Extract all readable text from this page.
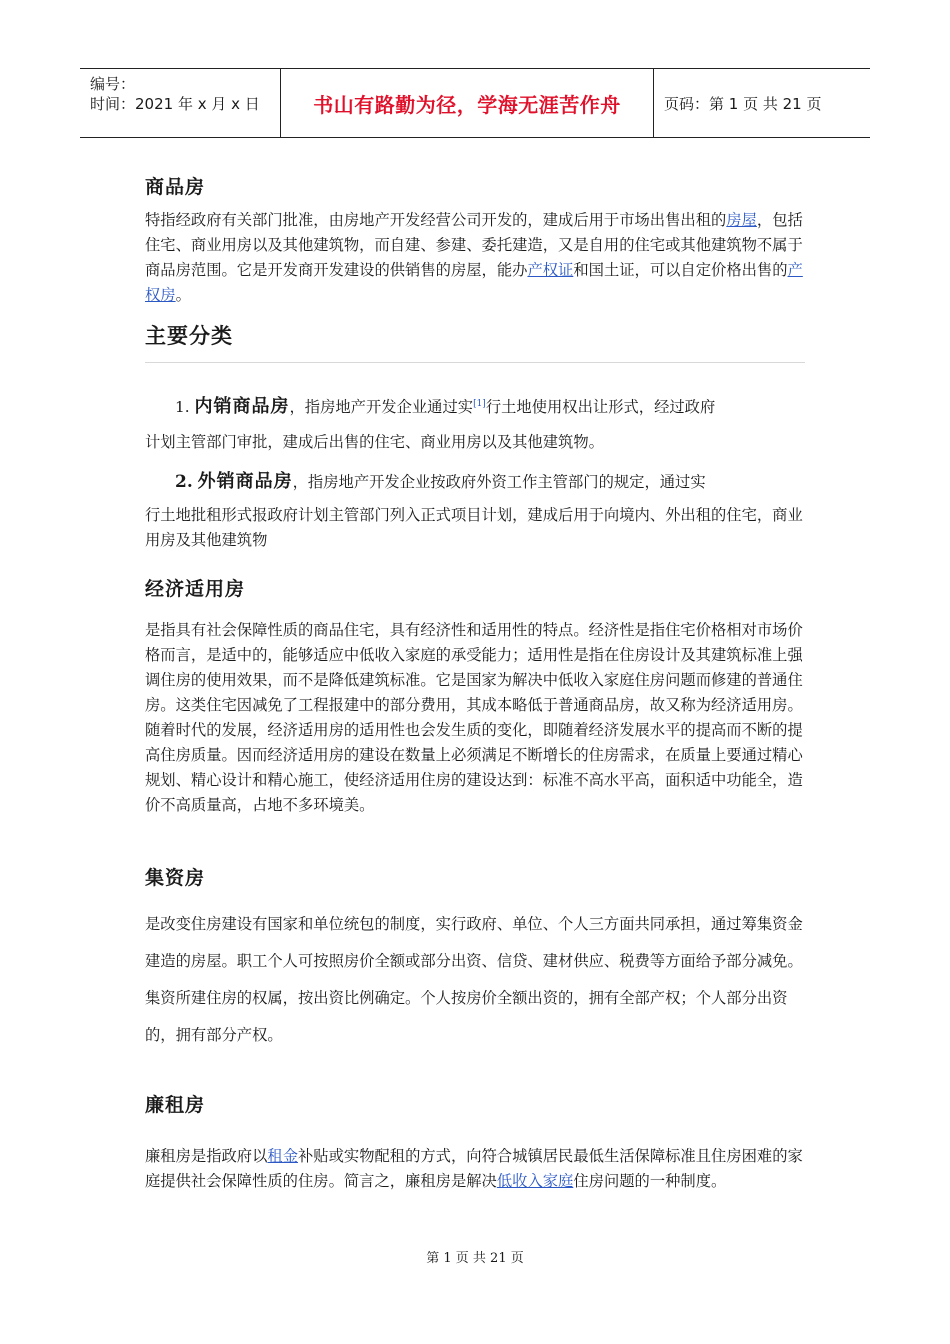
编号：
时间：2021 年 x 月 x 日	书山有路勤为径，学海无涯苦作舟	页码：第 1 页 共 21 页
商品房
特指经政府有关部门批准，由房地产开发经营公司开发的，建成后用于市场出售出租的房屋，包括住宅、商业用房以及其他建筑物，而自建、参建、委托建造，又是自用的住宅或其他建筑物不属于商品房范围。它是开发商开发建设的供销售的房屋，能办产权证和国土证，可以自定价格出售的产权房。
主要分类
1. 内销商品房，指房地产开发企业通过实[1]行土地使用权出让形式，经过政府
计划主管部门审批，建成后出售的住宅、商业用房以及其他建筑物。
2. 外销商品房，指房地产开发企业按政府外资工作主管部门的规定，通过实
行土地批租形式报政府计划主管部门列入正式项目计划，建成后用于向境内、外出租的住宅，商业用房及其他建筑物
经济适用房
是指具有社会保障性质的商品住宅，具有经济性和适用性的特点。经济性是指住宅价格相对市场价格而言，是适中的，能够适应中低收入家庭的承受能力；适用性是指在住房设计及其建筑标准上强调住房的使用效果，而不是降低建筑标准。它是国家为解决中低收入家庭住房问题而修建的普通住房。这类住宅因减免了工程报建中的部分费用，其成本略低于普通商品房，故又称为经济适用房。随着时代的发展，经济适用房的适用性也会发生质的变化，即随着经济发展水平的提高而不断的提高住房质量。因而经济适用房的建设在数量上必须满足不断增长的住房需求，在质量上要通过精心规划、精心设计和精心施工，使经济适用住房的建设达到：标准不高水平高，面积适中功能全，造价不高质量高，占地不多环境美。
集资房
是改变住房建设有国家和单位统包的制度，实行政府、单位、个人三方面共同承担，通过筹集资金建造的房屋。职工个人可按照房价全额或部分出资、信贷、建材供应、税费等方面给予部分减免。集资所建住房的权属，按出资比例确定。个人按房价全额出资的，拥有全部产权；个人部分出资的，拥有部分产权。
廉租房
廉租房是指政府以租金补贴或实物配租的方式，向符合城镇居民最低生活保障标准且住房困难的家庭提供社会保障性质的住房。简言之，廉租房是解决低收入家庭住房问题的一种制度。
第 1 页 共 21 页
